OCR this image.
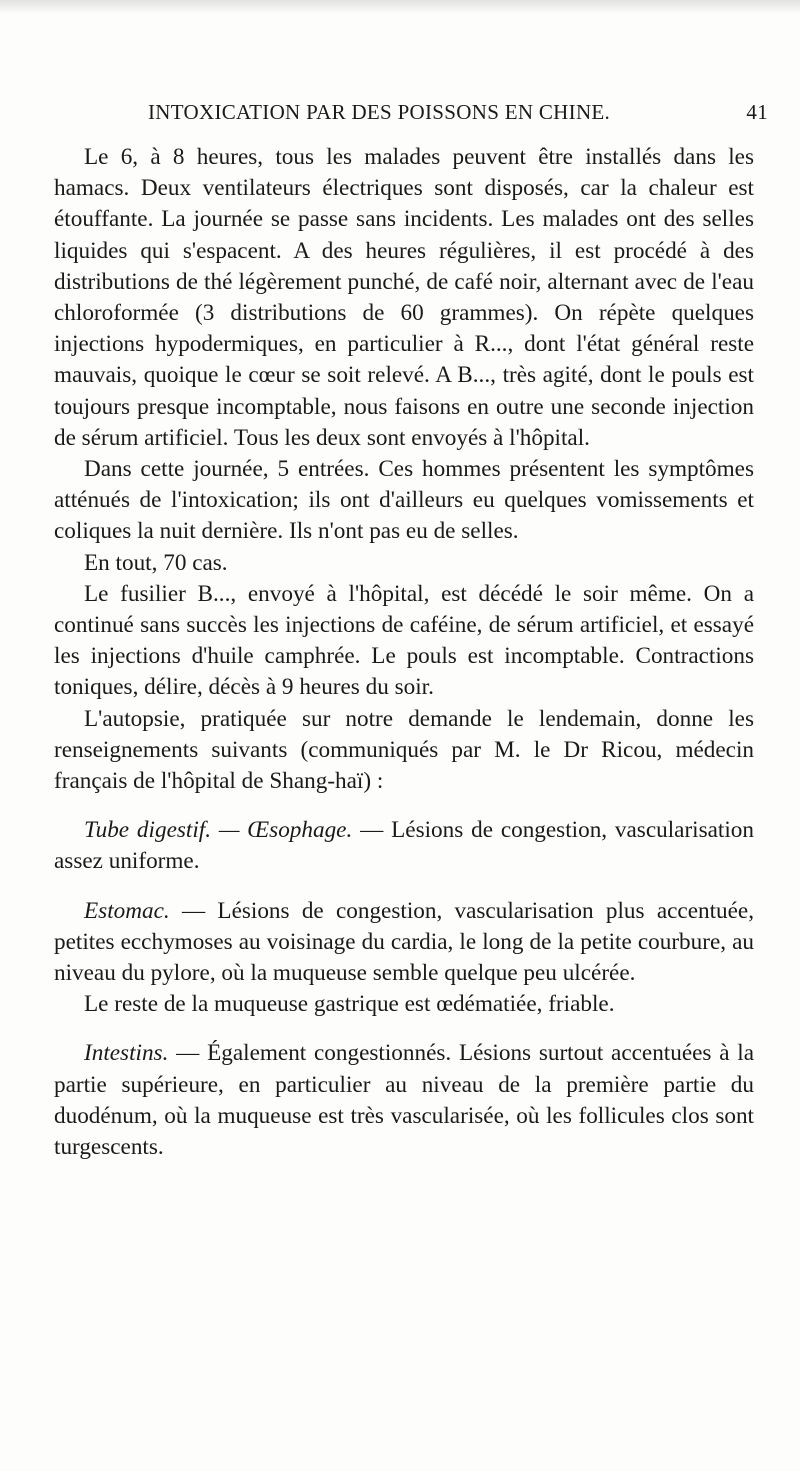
INTOXICATION PAR DES POISSONS EN CHINE.	41

Le 6, à 8 heures, tous les malades peuvent être installés dans les hamacs. Deux ventilateurs électriques sont disposés, car la chaleur est étouffante. La journée se passe sans incidents. Les malades ont des selles liquides qui s'espacent. A des heures régulières, il est procédé à des distributions de thé légèrement punché, de café noir, alternant avec de l'eau chloroformée (3 distributions de 60 grammes). On répète quelques injections hypodermiques, en particulier à R..., dont l'état général reste mauvais, quoique le cœur se soit relevé. A B..., très agité, dont le pouls est toujours presque incomptable, nous faisons en outre une seconde injection de sérum artificiel. Tous les deux sont envoyés à l'hôpital.

Dans cette journée, 5 entrées. Ces hommes présentent les symptômes atténués de l'intoxication; ils ont d'ailleurs eu quelques vomissements et coliques la nuit dernière. Ils n'ont pas eu de selles.

En tout, 70 cas.

Le fusilier B..., envoyé à l'hôpital, est décédé le soir même. On a continué sans succès les injections de caféine, de sérum artificiel, et essayé les injections d'huile camphrée. Le pouls est incomptable. Contractions toniques, délire, décès à 9 heures du soir.

L'autopsie, pratiquée sur notre demande le lendemain, donne les renseignements suivants (communiqués par M. le Dr Ricou, médecin français de l'hôpital de Shang-haï) :

Tube digestif. — Œsophage. — Lésions de congestion, vascularisation assez uniforme.

Estomac. — Lésions de congestion, vascularisation plus accentuée, petites ecchymoses au voisinage du cardia, le long de la petite courbure, au niveau du pylore, où la muqueuse semble quelque peu ulcérée.

Le reste de la muqueuse gastrique est œdématiée, friable.

Intestins. — Également congestionnés. Lésions surtout accentuées à la partie supérieure, en particulier au niveau de la première partie du duodénum, où la muqueuse est très vascularisée, où les follicules clos sont turgescents.
